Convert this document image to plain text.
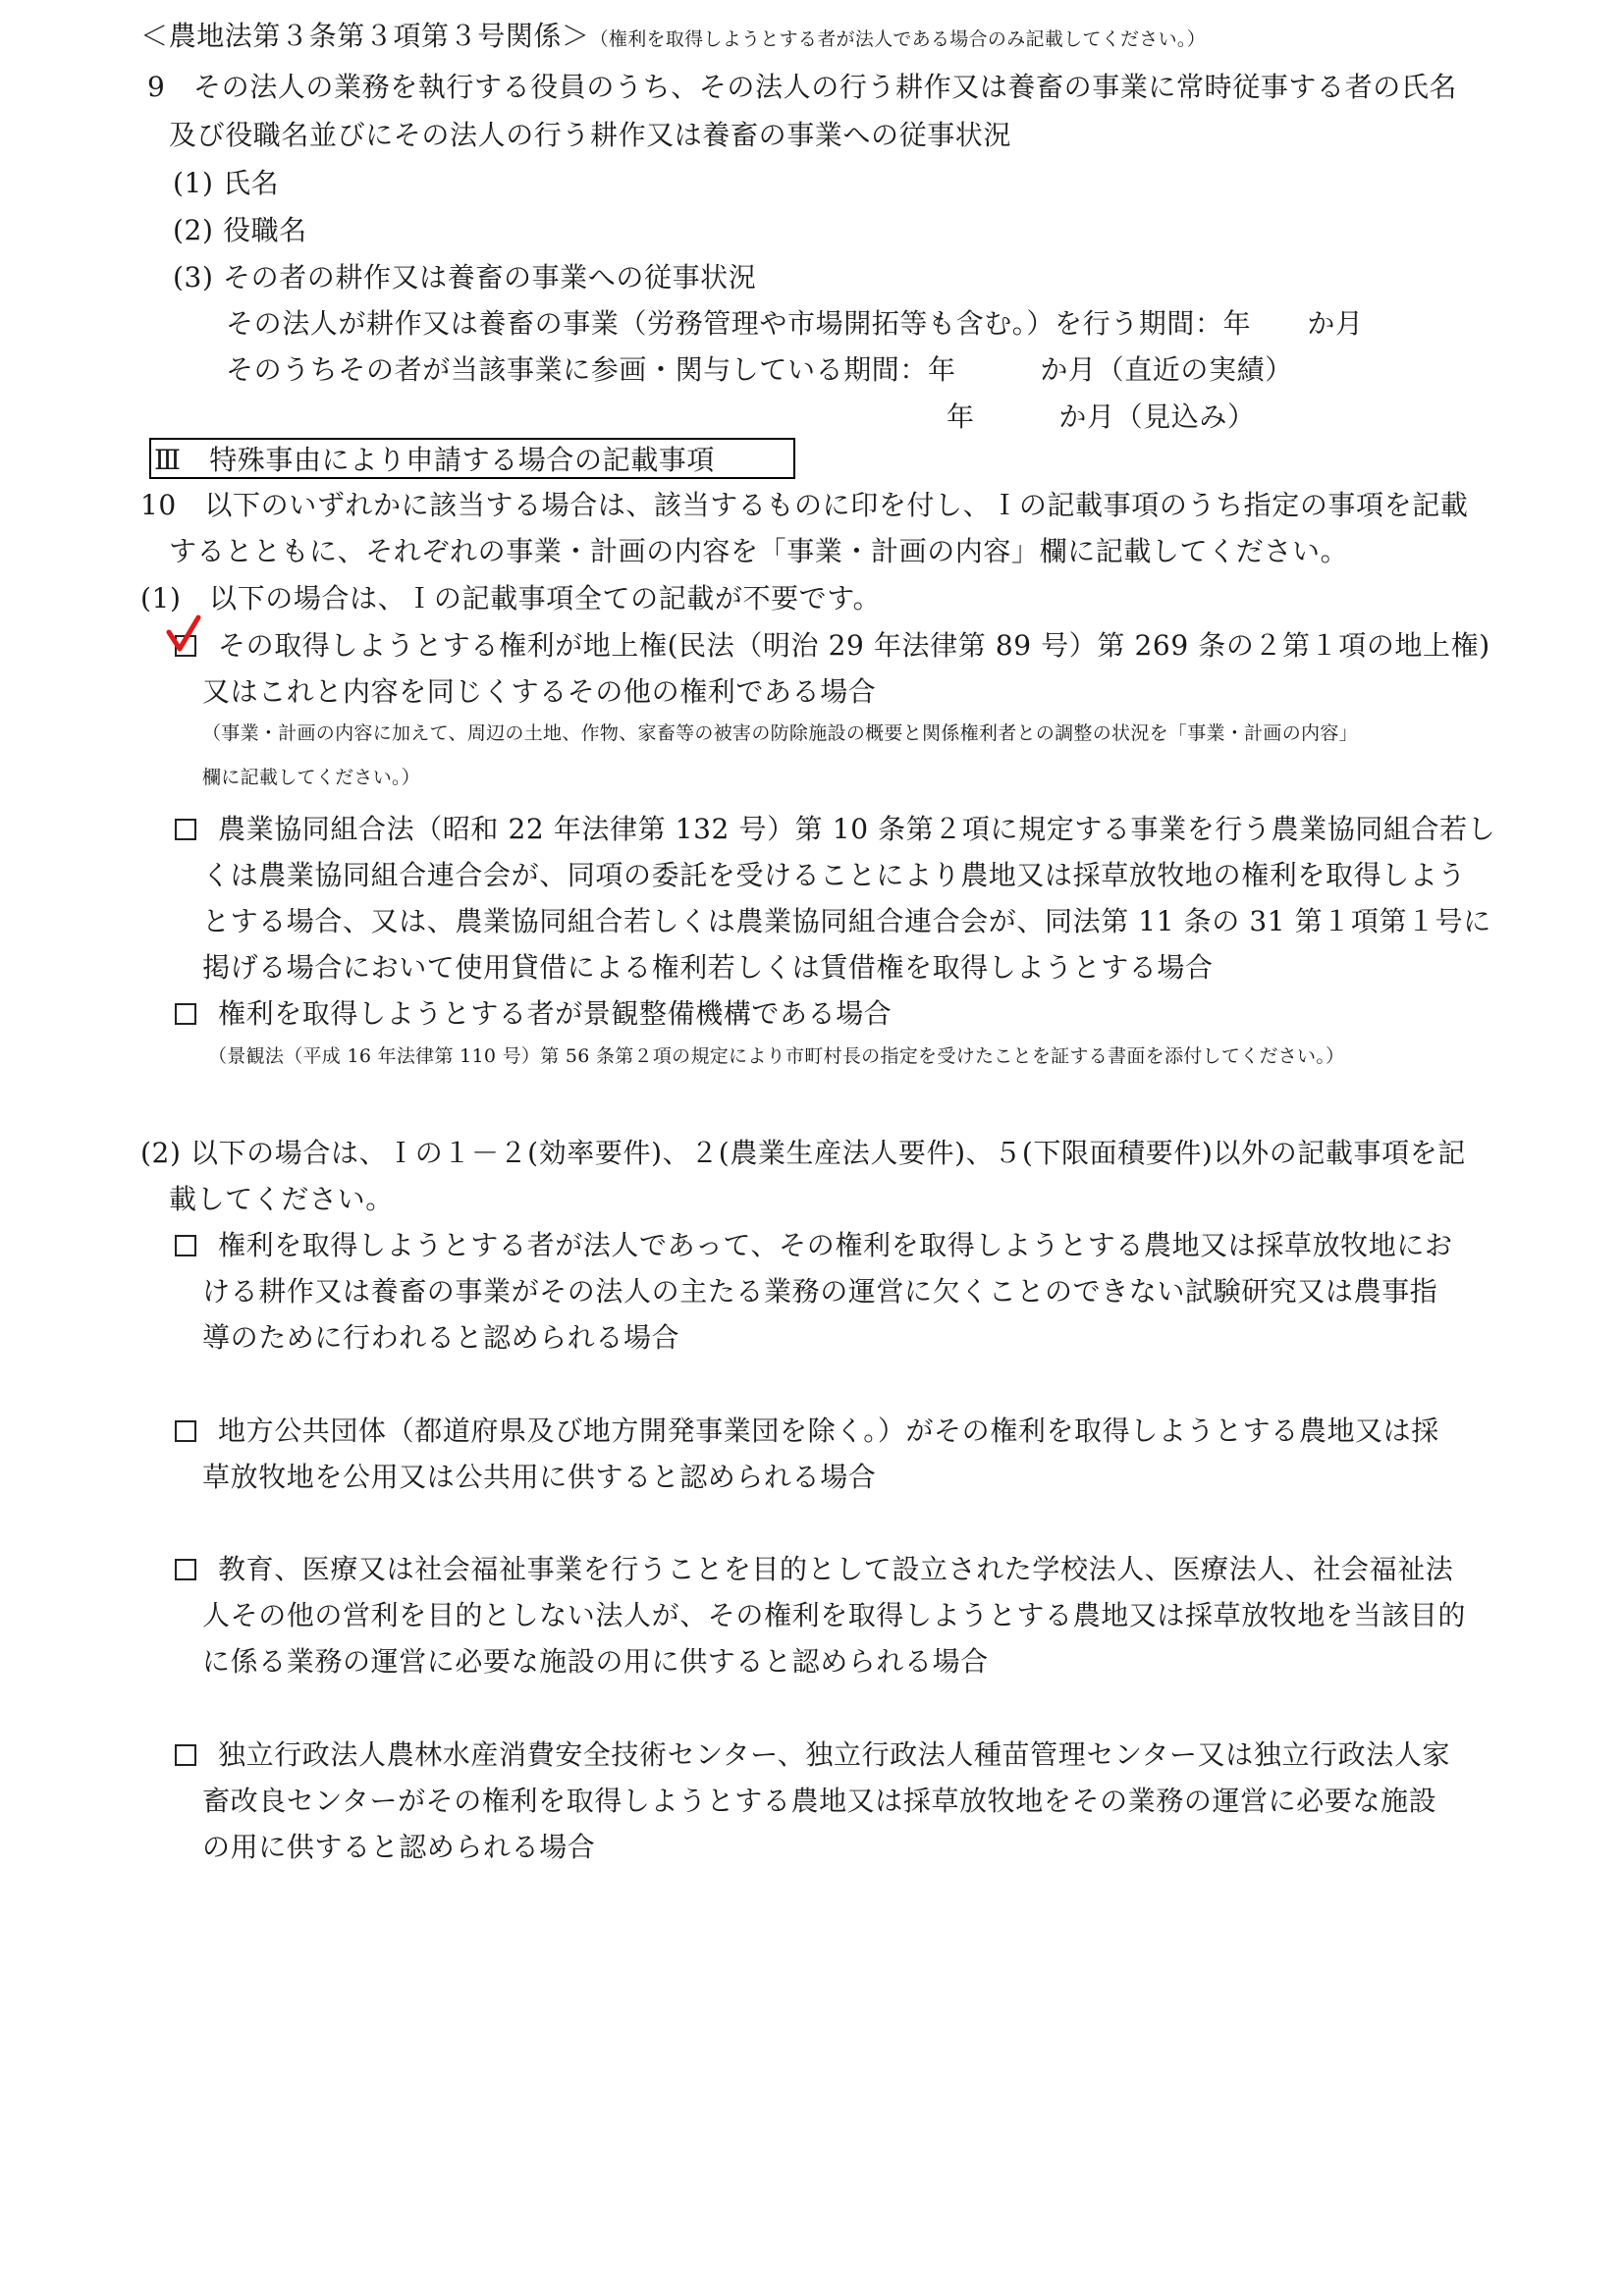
＜農地法第３条第３項第３号関係＞（権利を取得しようとする者が法人である場合のみ記載してください。）
9　その法人の業務を執行する役員のうち、その法人の行う耕作又は養畜の事業に常時従事する者の氏名
及び役職名並びにその法人の行う耕作又は養畜の事業への従事状況
(1) 氏名
(2) 役職名
(3) その者の耕作又は養畜の事業への従事状況
その法人が耕作又は養畜の事業（労務管理や市場開拓等も含む。）を行う期間：年　　か月
そのうちその者が当該事業に参画・関与している期間：年　　　か月（直近の実績）
年　　　か月（見込み）
Ⅲ　特殊事由により申請する場合の記載事項
10　以下のいずれかに該当する場合は、該当するものに印を付し、Ｉの記載事項のうち指定の事項を記載
するとともに、それぞれの事業・計画の内容を「事業・計画の内容」欄に記載してください。
(1)　以下の場合は、Ｉの記載事項全ての記載が不要です。
その取得しようとする権利が地上権(民法（明治 29 年法律第 89 号）第 269 条の２第１項の地上権)
又はこれと内容を同じくするその他の権利である場合
（事業・計画の内容に加えて、周辺の土地、作物、家畜等の被害の防除施設の概要と関係権利者との調整の状況を「事業・計画の内容」
欄に記載してください。）
農業協同組合法（昭和 22 年法律第 132 号）第 10 条第２項に規定する事業を行う農業協同組合若し
くは農業協同組合連合会が、同項の委託を受けることにより農地又は採草放牧地の権利を取得しよう
とする場合、又は、農業協同組合若しくは農業協同組合連合会が、同法第 11 条の 31 第１項第１号に
掲げる場合において使用貸借による権利若しくは賃借権を取得しようとする場合
権利を取得しようとする者が景観整備機構である場合
（景観法（平成 16 年法律第 110 号）第 56 条第２項の規定により市町村長の指定を受けたことを証する書面を添付してください。）
(2) 以下の場合は、Ｉの１－２(効率要件)、２(農業生産法人要件)、５(下限面積要件)以外の記載事項を記
載してください。
権利を取得しようとする者が法人であって、その権利を取得しようとする農地又は採草放牧地にお
ける耕作又は養畜の事業がその法人の主たる業務の運営に欠くことのできない試験研究又は農事指
導のために行われると認められる場合
地方公共団体（都道府県及び地方開発事業団を除く。）がその権利を取得しようとする農地又は採
草放牧地を公用又は公共用に供すると認められる場合
教育、医療又は社会福祉事業を行うことを目的として設立された学校法人、医療法人、社会福祉法
人その他の営利を目的としない法人が、その権利を取得しようとする農地又は採草放牧地を当該目的
に係る業務の運営に必要な施設の用に供すると認められる場合
独立行政法人農林水産消費安全技術センター、独立行政法人種苗管理センター又は独立行政法人家
畜改良センターがその権利を取得しようとする農地又は採草放牧地をその業務の運営に必要な施設
の用に供すると認められる場合
